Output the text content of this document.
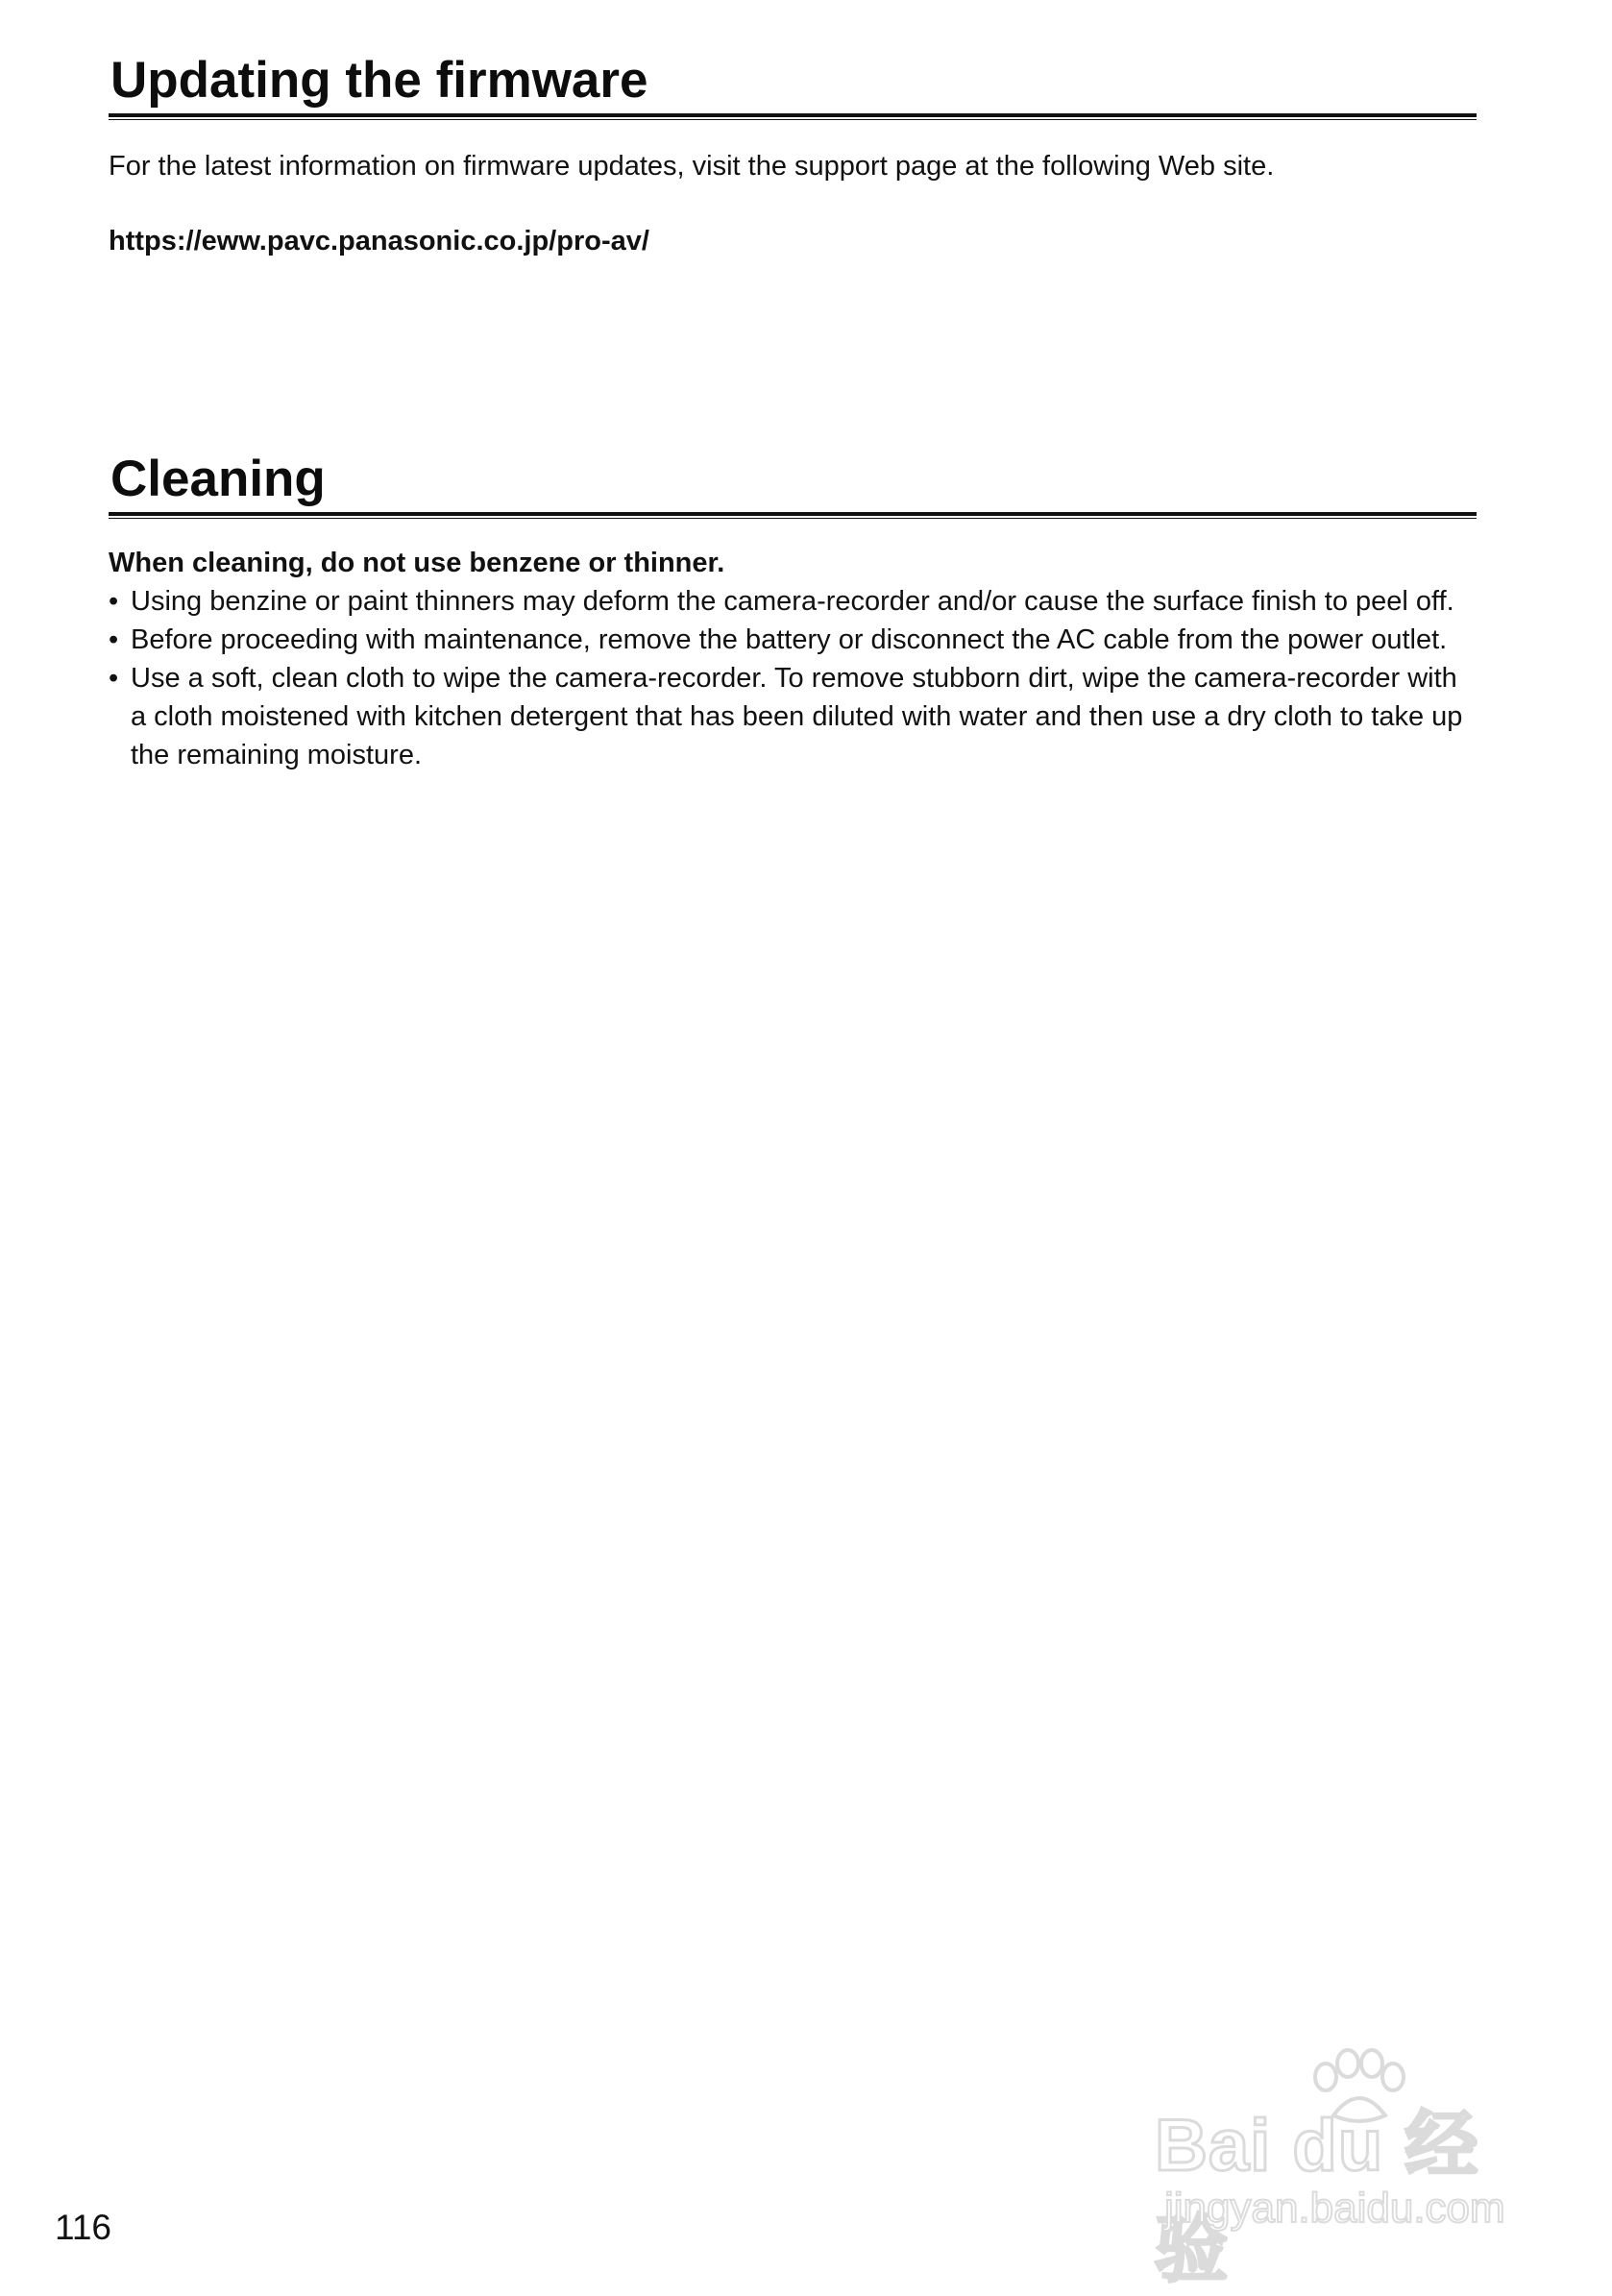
Updating the firmware

For the latest information on firmware updates, visit the support page at the following Web site.

https://eww.pavc.panasonic.co.jp/pro-av/

Cleaning

When cleaning, do not use benzene or thinner.

• Using benzine or paint thinners may deform the camera-recorder and/or cause the surface finish to peel off.
• Before proceeding with maintenance, remove the battery or disconnect the AC cable from the power outlet.
• Use a soft, clean cloth to wipe the camera-recorder. To remove stubborn dirt, wipe the camera-recorder with a cloth moistened with kitchen detergent that has been diluted with water and then use a dry cloth to take up the remaining moisture.
116
Bai du 经验
jingyan.baidu.com
